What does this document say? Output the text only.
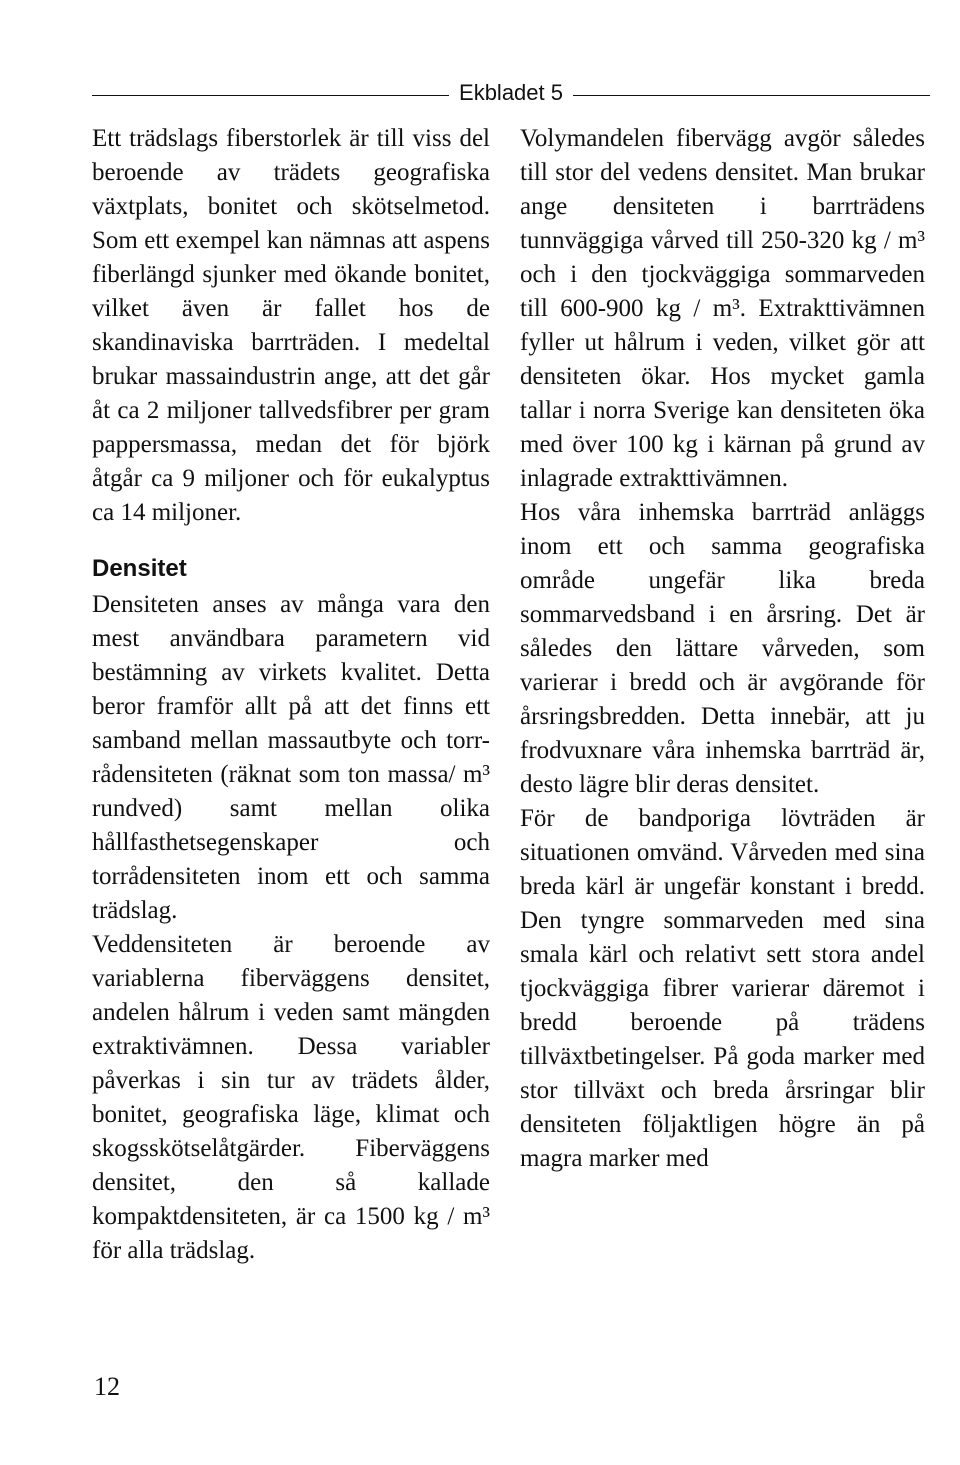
Ekbladet 5

Ett trädslags fiberstorlek är till viss del beroende av trädets geografiska växtplats, bonitet och skötselmetod. Som ett exempel kan nämnas att aspens fiberlängd sjunker med ökande bonitet, vilket även är fallet hos de skandinaviska barrträden. I medeltal brukar massaindustrin ange, att det går åt ca 2 miljoner tallvedsfibrer per gram pappersmassa, medan det för björk åtgår ca 9 miljoner och för eukalyptus ca 14 miljoner.

Densitet

Densiteten anses av många vara den mest användbara parametern vid bestämning av virkets kvalitet. Detta beror framför allt på att det finns ett samband mellan massautbyte och torr-rådensiteten (räknat som ton massa/ m³ rundved) samt mellan olika hållfasthetsegenskaper och torrådensiteten inom ett och samma trädslag.

Veddensiteten är beroende av variablerna fiberväggens densitet, andelen hålrum i veden samt mängden extraktivämnen. Dessa variabler påverkas i sin tur av trädets ålder, bonitet, geografiska läge, klimat och skogsskötselåtgärder. Fiberväggens densitet, den så kallade kompaktdensiteten, är ca 1500 kg / m³ för alla trädslag.

Volymandelen fibervägg avgör således till stor del vedens densitet. Man brukar ange densiteten i barrträdens tunnväggiga vårved till 250-320 kg / m³ och i den tjockväggiga sommarveden till 600-900 kg / m³. Extrakttivämnen fyller ut hålrum i veden, vilket gör att densiteten ökar. Hos mycket gamla tallar i norra Sverige kan densiteten öka med över 100 kg i kärnan på grund av inlagrade extrakttivämnen.

Hos våra inhemska barrträd anläggs inom ett och samma geografiska område ungefär lika breda sommarvedsband i en årsring. Det är således den lättare vårveden, som varierar i bredd och är avgörande för årsringsbredden. Detta innebär, att ju frodvuxnare våra inhemska barrträd är, desto lägre blir deras densitet.

För de bandporiga lövträden är situationen omvänd. Vårveden med sina breda kärl är ungefär konstant i bredd. Den tyngre sommarveden med sina smala kärl och relativt sett stora andel tjockväggiga fibrer varierar däremot i bredd beroende på trädens tillväxtbetingelser. På goda marker med stor tillväxt och breda årsringar blir densiteten följaktligen högre än på magra marker med

12
